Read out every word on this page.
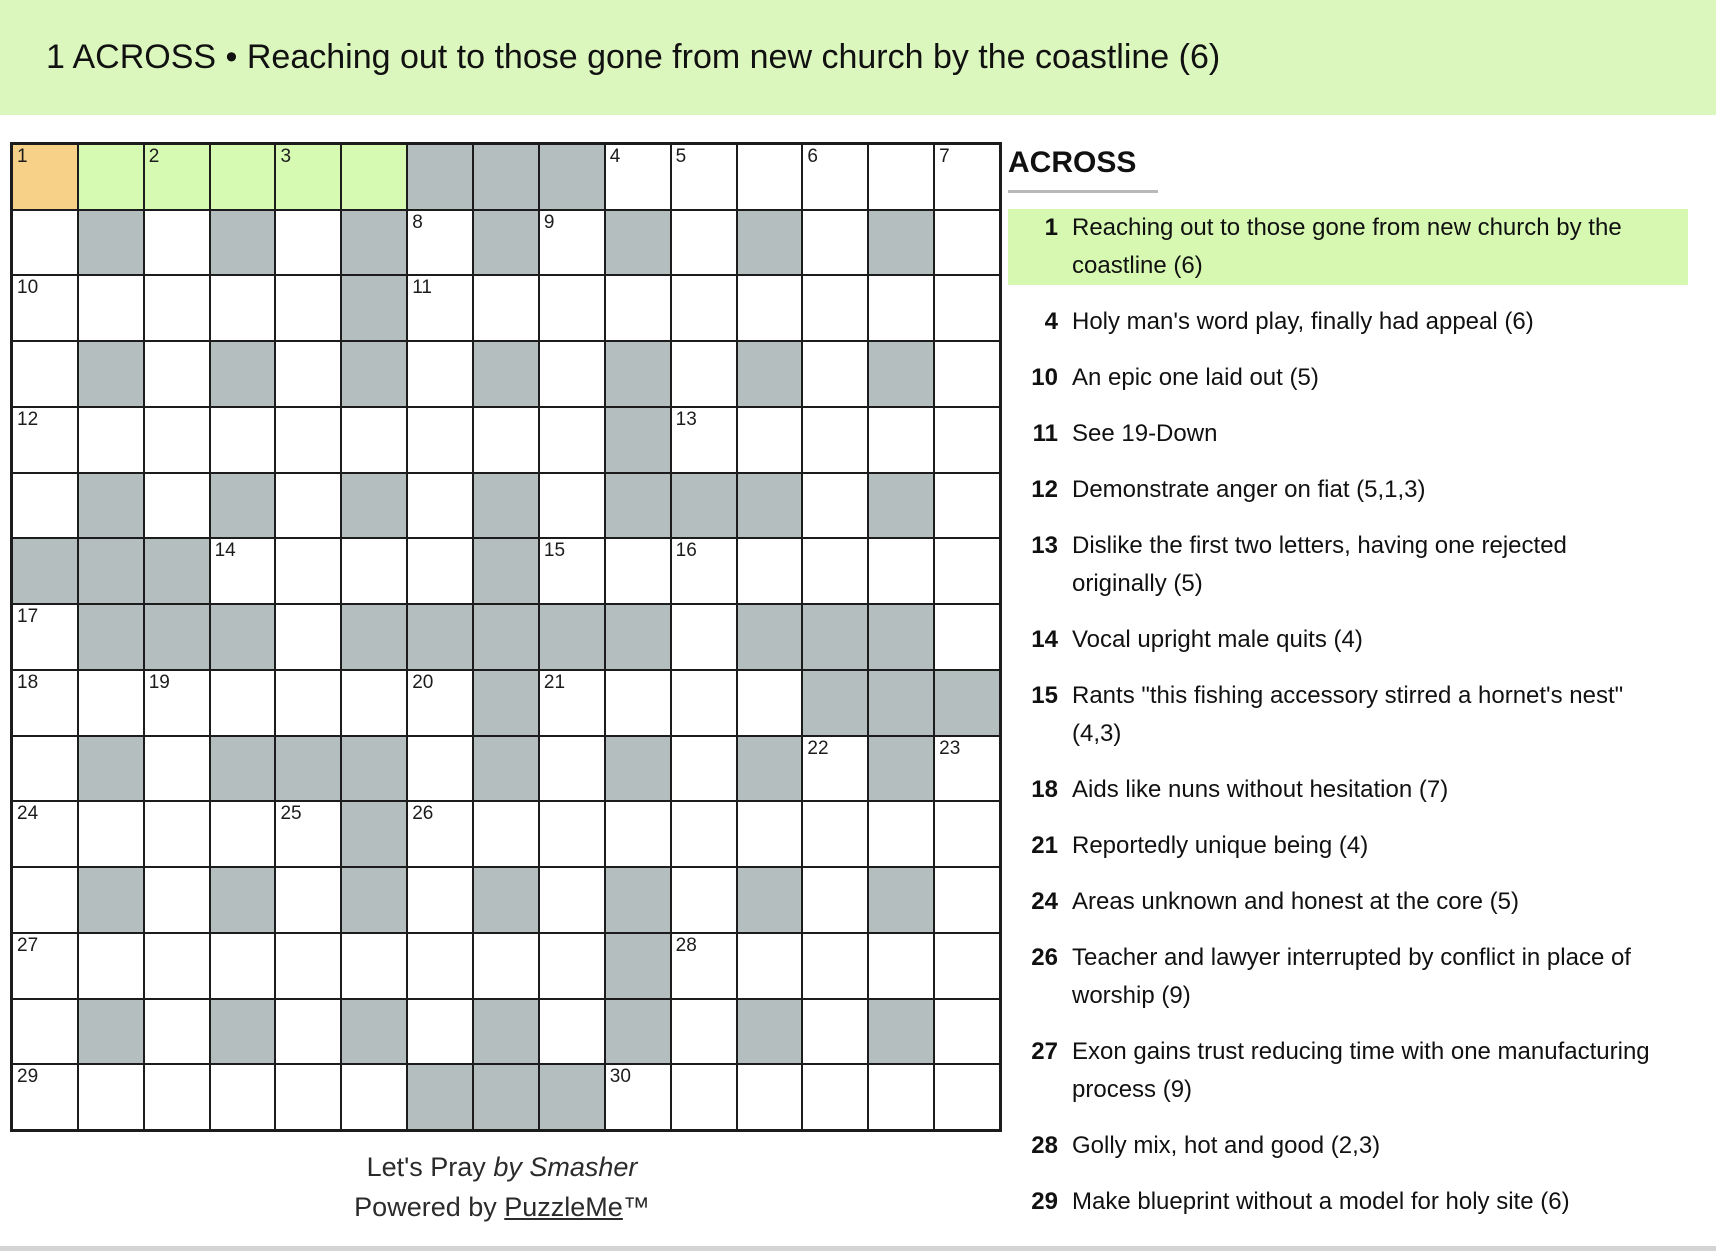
1 ACROSS • Reaching out to those gone from new church by the coastline (6)
1	2	3	4	5	6	7
8	9
10	11
12	13
14	15	16
17
18	19	20	21
22	23
24	25	26
27	28
29	30
ACROSS
1 Reaching out to those gone from new church by the coastline (6)
4 Holy man's word play, finally had appeal (6)
10 An epic one laid out (5)
11 See 19-Down
12 Demonstrate anger on fiat (5,1,3)
13 Dislike the first two letters, having one rejected originally (5)
14 Vocal upright male quits (4)
15 Rants "this fishing accessory stirred a hornet's nest" (4,3)
18 Aids like nuns without hesitation (7)
21 Reportedly unique being (4)
24 Areas unknown and honest at the core (5)
26 Teacher and lawyer interrupted by conflict in place of worship (9)
27 Exon gains trust reducing time with one manufacturing process (9)
28 Golly mix, hot and good (2,3)
29 Make blueprint without a model for holy site (6)
Let's Pray by Smasher
Powered by PuzzleMe™
